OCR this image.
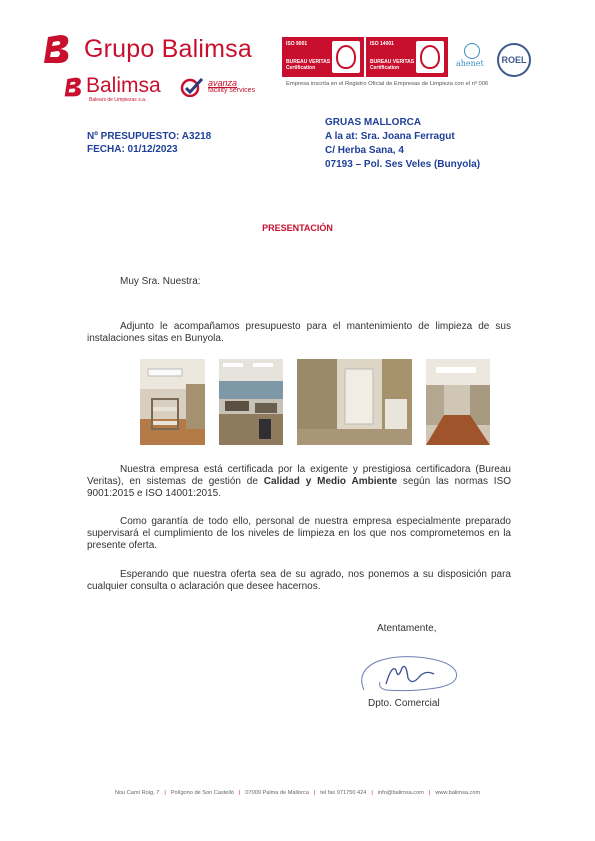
Grupo Balimsa
Balimsa
Balears de Limpiezas s.a.
avanza
facility services
ISO 9001
BUREAU VERITAS
Certification
ISO 14001
BUREAU VERITAS
Certification	ahenet	ROEL
Empresa inscrita en el Registro Oficial de Empresas de Limpieza con el nº 006
Nº PRESUPUESTO: A3218
FECHA: 01/12/2023
GRUAS MALLORCA
A la at: Sra. Joana Ferragut
C/ Herba Sana, 4
07193 – Pol. Ses Veles (Bunyola)
PRESENTACIÓN
Muy Sra. Nuestra:
Adjunto le acompañamos presupuesto para el mantenimiento de limpieza de sus instalaciones sitas en Bunyola.
Nuestra empresa está certificada por la exigente y prestigiosa certificadora (Bureau Veritas), en sistemas de gestión de Calidad y Medio Ambiente según las normas ISO 9001:2015 e ISO 14001:2015.
Como garantía de todo ello, personal de nuestra empresa especialmente preparado supervisará el cumplimiento de los niveles de limpieza en los que nos comprometemos en la presente oferta.
Esperando que nuestra oferta sea de su agrado, nos ponemos a su disposición para cualquier consulta o aclaración que desee hacernos.
Atentamente,
Dpto. Comercial
Nou Camí Roig, 7 | Polígono de Son Castelló | 07009 Palma de Mallorca | tel fax 971750 424 | info@balimsa.com | www.balimsa.com
